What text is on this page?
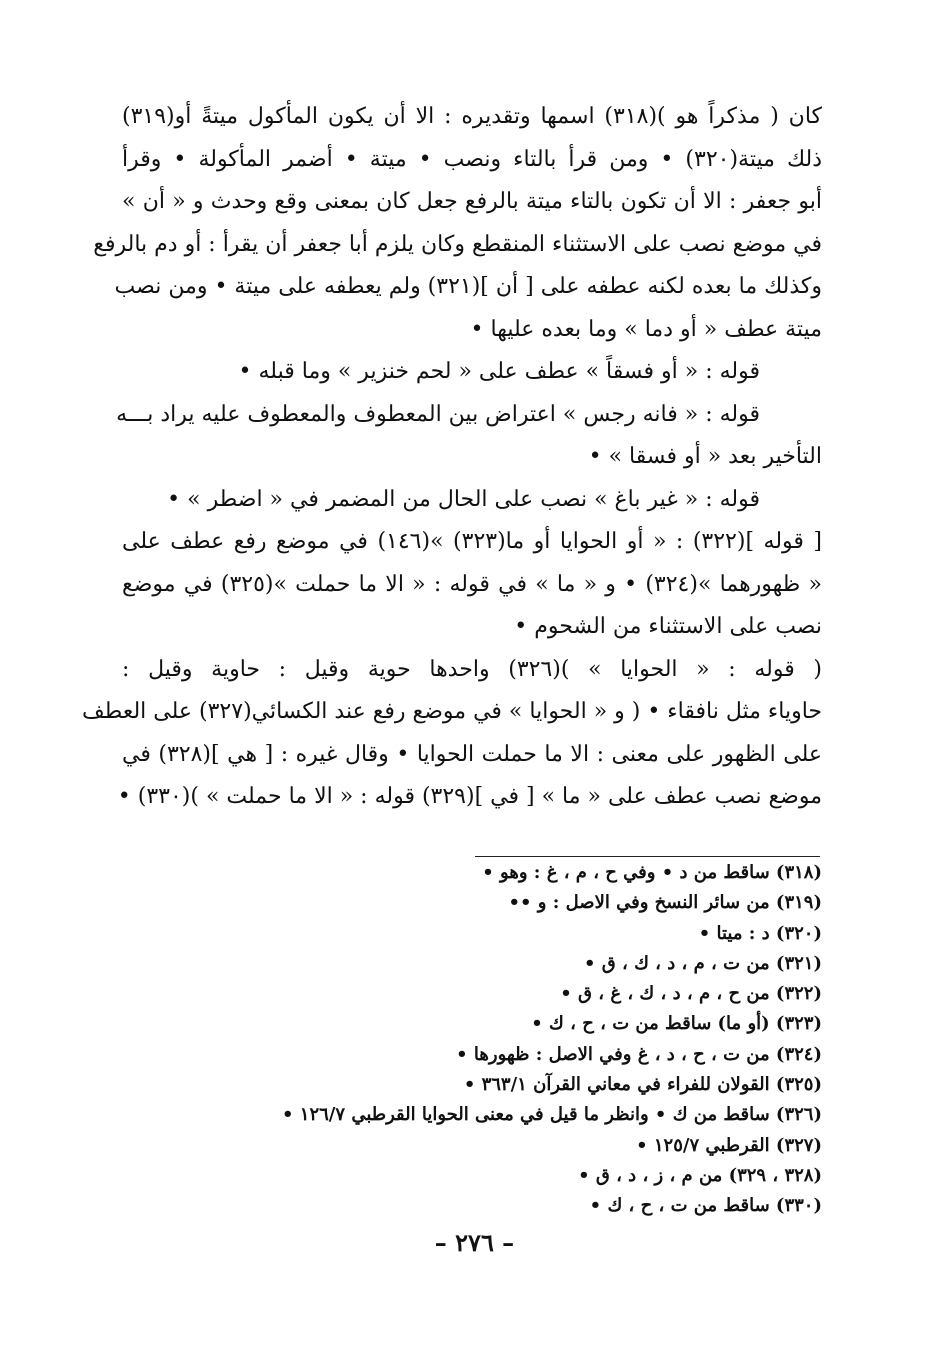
كان ( مذكراً هو )(٣١٨) اسمها وتقديره : الا أن يكون المأكول ميتةً أو(٣١٩)
ذلك ميتة(٣٢٠) • ومن قرأ بالتاء ونصب • ميتة • أضمر المأكولة • وقرأ
أبو جعفر : الا أن تكون بالتاء ميتة بالرفع جعل كان بمعنى وقع وحدث و « أن »
في موضع نصب على الاستثناء المنقطع وكان يلزم أبا جعفر أن يقرأ : أو دم بالرفع
وكذلك ما بعده لكنه عطفه على [ أن ](٣٢١) ولم يعطفه على ميتة • ومن نصب
ميتة عطف « أو دما » وما بعده عليها •
قوله : « أو فسقاً » عطف على « لحم خنزير » وما قبله •
قوله : « فانه رجس » اعتراض بين المعطوف والمعطوف عليه يراد بـــه
التأخير بعد « أو فسقا » •
قوله : « غير باغ » نصب على الحال من المضمر في « اضطر » •
[ قوله ](٣٢٢) : « أو الحوايا أو ما(٣٢٣) »(١٤٦) في موضع رفع عطف على
« ظهورهما »(٣٢٤) • و « ما » في قوله : « الا ما حملت »(٣٢٥) في موضع
نصب على الاستثناء من الشحوم •
( قوله : « الحوايا » )(٣٢٦) واحدها حوية وقيل : حاوية وقيل :
حاوياء مثل نافقاء • ( و « الحوايا » في موضع رفع عند الكسائي(٣٢٧) على العطف
على الظهور على معنى : الا ما حملت الحوايا • وقال غيره : [ هي ](٣٢٨) في
موضع نصب عطف على « ما » [ في ](٣٢٩) قوله : « الا ما حملت » )(٣٣٠) •
(٣١٨) ساقط من د • وفي ح ، م ، غ : وهو •
(٣١٩) من سائر النسخ وفي الاصل : و ••
(٣٢٠) د : ميتا •
(٣٢١) من ت ، م ، د ، ك ، ق •
(٣٢٢) من ح ، م ، د ، ك ، غ ، ق •
(٣٢٣) (أو ما) ساقط من ت ، ح ، ك •
(٣٢٤) من ت ، ح ، د ، غ وفي الاصل : ظهورها •
(٣٢٥) القولان للفراء في معاني القرآن ٣٦٣/١ •
(٣٢٦) ساقط من ك • وانظر ما قيل في معنى الحوايا القرطبي ١٢٦/٧ •
(٣٢٧) القرطبي ١٢٥/٧ •
(٣٢٨ ، ٣٢٩) من م ، ز ، د ، ق •
(٣٣٠) ساقط من ت ، ح ، ك •
– ٢٧٦ –
